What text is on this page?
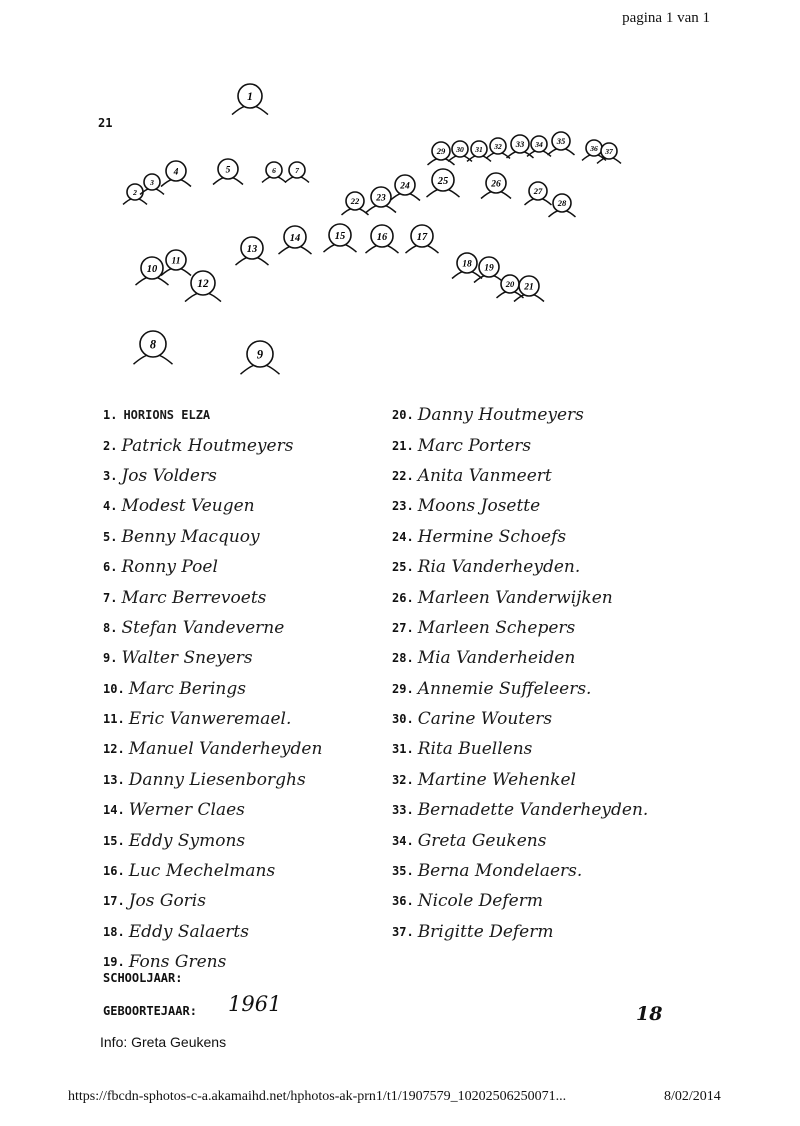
pagina 1 van 1
21
1
2
3
4	5	6	7
8
9
10
11
12
13
14	15	16	17
18 19
20 21
22 23
24	25	26
27
28
29 30 31 32 33 34 35
36 37
1. HORIONS ELZA
2. Patrick Houtmeyers
3. Jos Volders
4. Modest Veugen
5. Benny Macquoy
6. Ronny Poel
7. Marc Berrevoets
8. Stefan Vandeverne
9. Walter Sneyers
10. Marc Berings
11. Eric Vanweremael.
12. Manuel Vanderheyden
13. Danny Liesenborghs
14. Werner Claes
15. Eddy Symons
16. Luc Mechelmans
17. Jos Goris
18. Eddy Salaerts
19. Fons Grens
20. Danny Houtmeyers
21. Marc Porters
22. Anita Vanmeert
23. Moons Josette
24. Hermine Schoefs
25. Ria Vanderheyden.
26. Marleen Vanderwijken
27. Marleen Schepers
28. Mia Vanderheiden
29. Annemie Suffeleers.
30. Carine Wouters
31. Rita Buellens
32. Martine Wehenkel
33. Bernadette Vanderheyden.
34. Greta Geukens
35. Berna Mondelaers.
36. Nicole Deferm
37. Brigitte Deferm
SCHOOLJAAR:
GEBOORTEJAAR: 1961	18
Info: Greta Geukens
https://fbcdn-sphotos-c-a.akamaihd.net/hphotos-ak-prn1/t1/1907579_10202506250071...	8/02/2014
